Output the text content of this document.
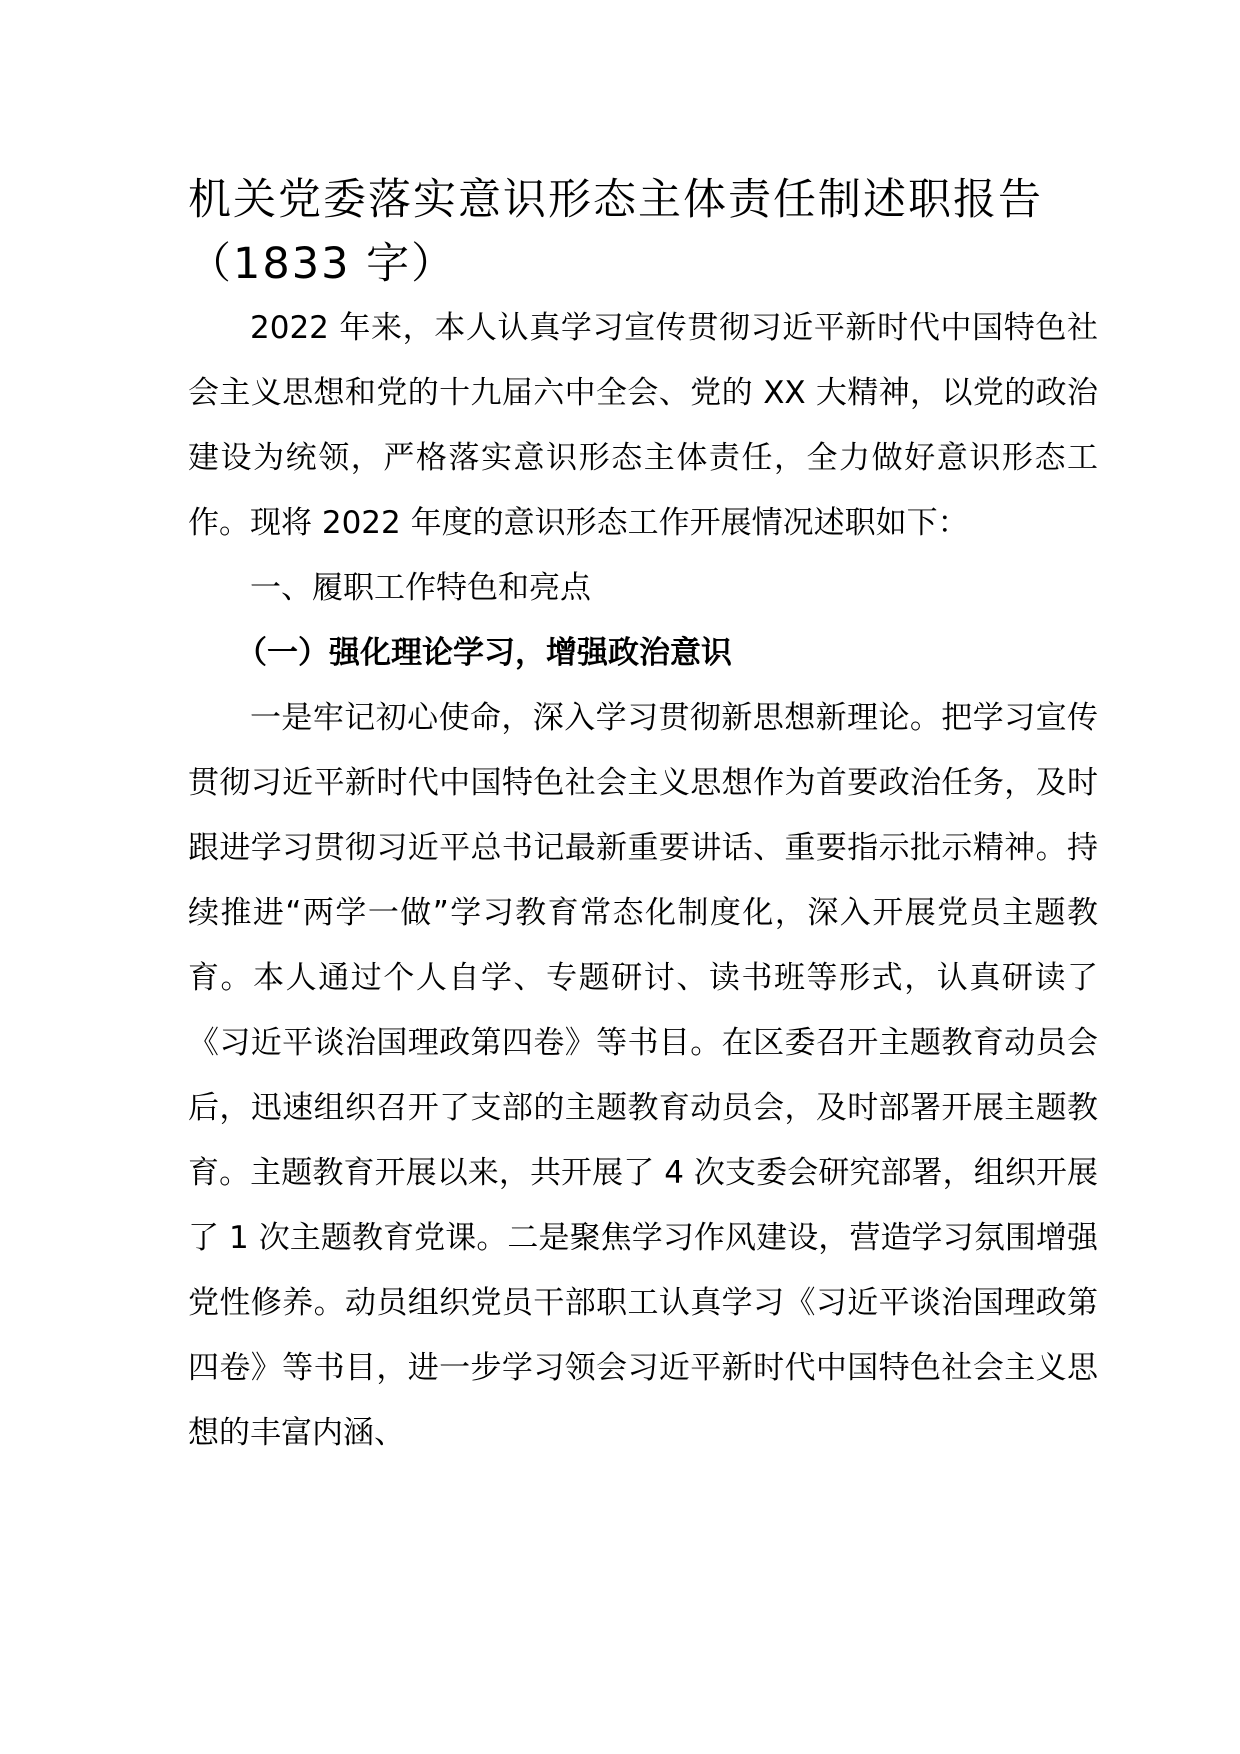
机关党委落实意识形态主体责任制述职报告（1833 字）

2022 年来，本人认真学习宣传贯彻习近平新时代中国特色社会主义思想和党的十九届六中全会、党的 XX 大精神，以党的政治建设为统领，严格落实意识形态主体责任，全力做好意识形态工作。现将 2022 年度的意识形态工作开展情况述职如下：

一、履职工作特色和亮点

（一）强化理论学习，增强政治意识

一是牢记初心使命，深入学习贯彻新思想新理论。把学习宣传贯彻习近平新时代中国特色社会主义思想作为首要政治任务，及时跟进学习贯彻习近平总书记最新重要讲话、重要指示批示精神。持续推进“两学一做”学习教育常态化制度化，深入开展党员主题教育。本人通过个人自学、专题研讨、读书班等形式，认真研读了《习近平谈治国理政第四卷》等书目。在区委召开主题教育动员会后，迅速组织召开了支部的主题教育动员会，及时部署开展主题教育。主题教育开展以来，共开展了 4 次支委会研究部署，组织开展了 1 次主题教育党课。二是聚焦学习作风建设，营造学习氛围增强党性修养。动员组织党员干部职工认真学习《习近平谈治国理政第四卷》等书目，进一步学习领会习近平新时代中国特色社会主义思想的丰富内涵、
